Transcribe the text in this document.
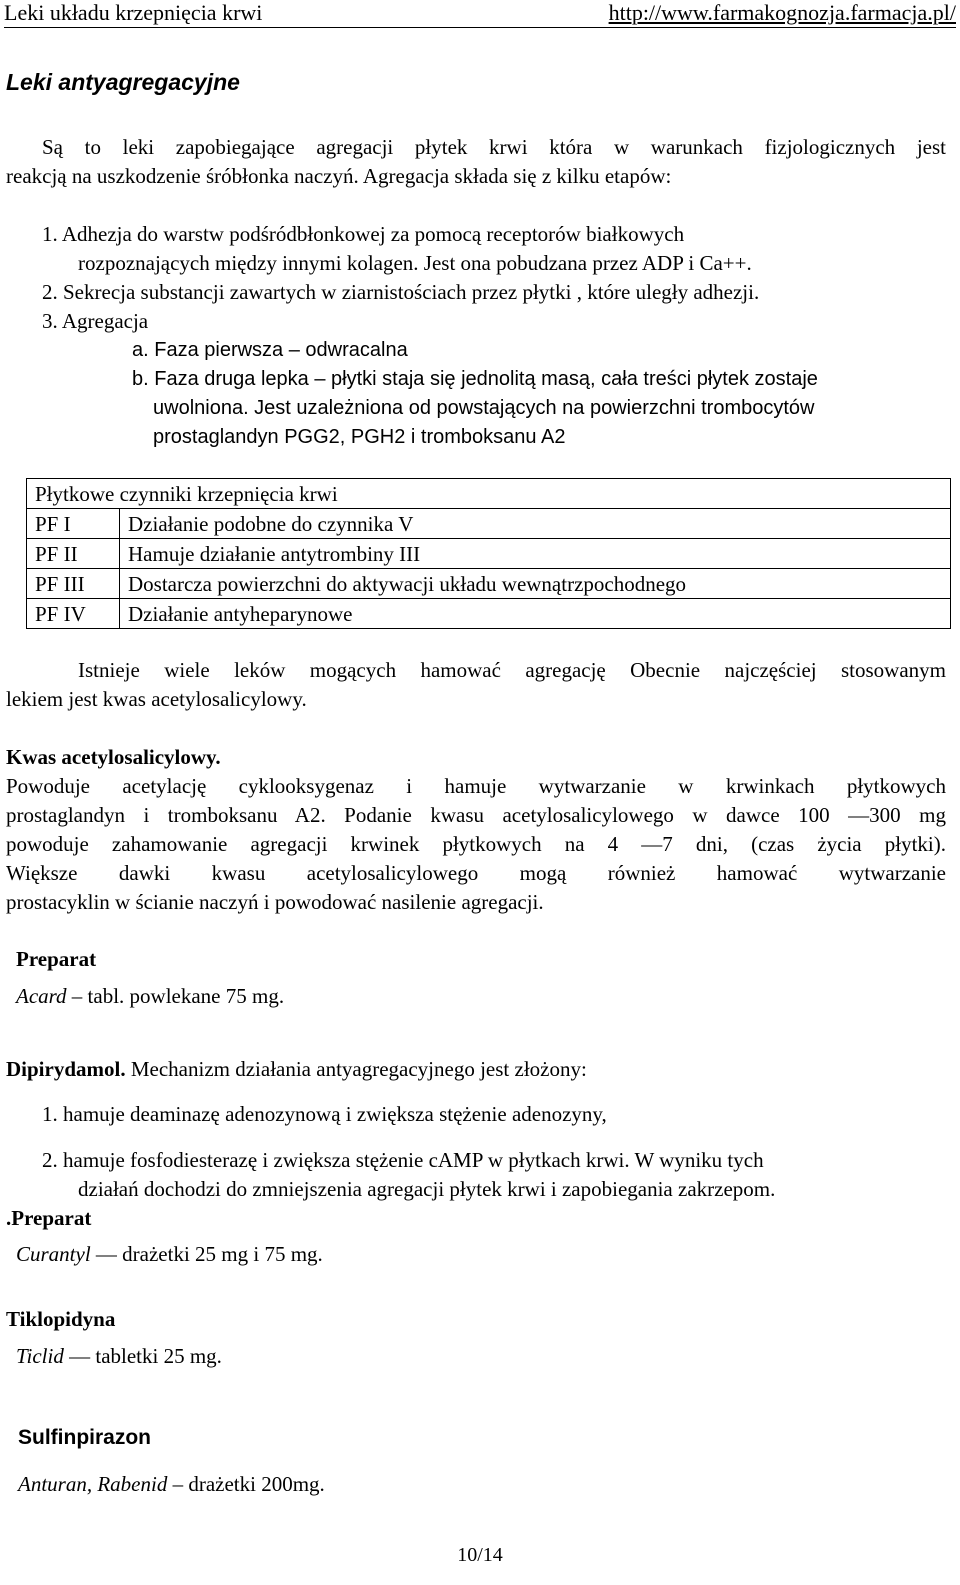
Leki układu krzepnięcia krwi	http://www.farmakognozja.farmacja.pl/
Leki antyagregacyjne
Są to leki zapobiegające agregacji płytek krwi która w warunkach fizjologicznych jest
reakcją na uszkodzenie śróbłonka naczyń. Agregacja składa się z kilku etapów:
1. Adhezja do warstw podśródbłonkowej za pomocą receptorów białkowych
rozpoznających między innymi kolagen. Jest ona pobudzana przez ADP i Ca++.
2. Sekrecja substancji zawartych w ziarnistościach przez płytki , które uległy adhezji.
3. Agregacja
a. Faza pierwsza – odwracalna
b. Faza druga lepka – płytki staja się jednolitą masą, cała treści płytek zostaje
uwolniona. Jest uzależniona od powstających na powierzchni trombocytów
prostaglandyn PGG2, PGH2 i tromboksanu A2
Płytkowe czynniki krzepnięcia krwi	
PF I	Działanie podobne do czynnika V
PF II	Hamuje działanie antytrombiny III
PF III	Dostarcza powierzchni do aktywacji układu wewnątrzpochodnego
PF IV	Działanie antyheparynowe
Istnieje wiele leków mogących hamować agregację Obecnie najczęściej stosowanym
lekiem jest kwas acetylosalicylowy.
Kwas acetylosalicylowy.
Powoduje acetylację cyklooksygenaz i hamuje wytwarzanie w krwinkach płytkowych
prostaglandyn i tromboksanu A2. Podanie kwasu acetylosalicylowego w dawce 100 —300 mg
powoduje zahamowanie agregacji krwinek płytkowych na 4 —7 dni, (czas życia płytki).
Większe dawki kwasu acetylosalicylowego mogą również hamować wytwarzanie
prostacyklin w ścianie naczyń i powodować nasilenie agregacji.
Preparat
Acard – tabl. powlekane 75 mg.
Dipirydamol. Mechanizm działania antyagregacyjnego jest złożony:
1. hamuje deaminazę adenozynową i zwiększa stężenie adenozyny,
2. hamuje fosfodiesterazę i zwiększa stężenie cAMP w płytkach krwi. W wyniku tych
działań dochodzi do zmniejszenia agregacji płytek krwi i zapobiegania zakrzepom.
.Preparat
Curantyl — drażetki 25 mg i 75 mg.
Tiklopidyna
Ticlid — tabletki 25 mg.
Sulfinpirazon
Anturan, Rabenid – drażetki 200mg.
10/14
